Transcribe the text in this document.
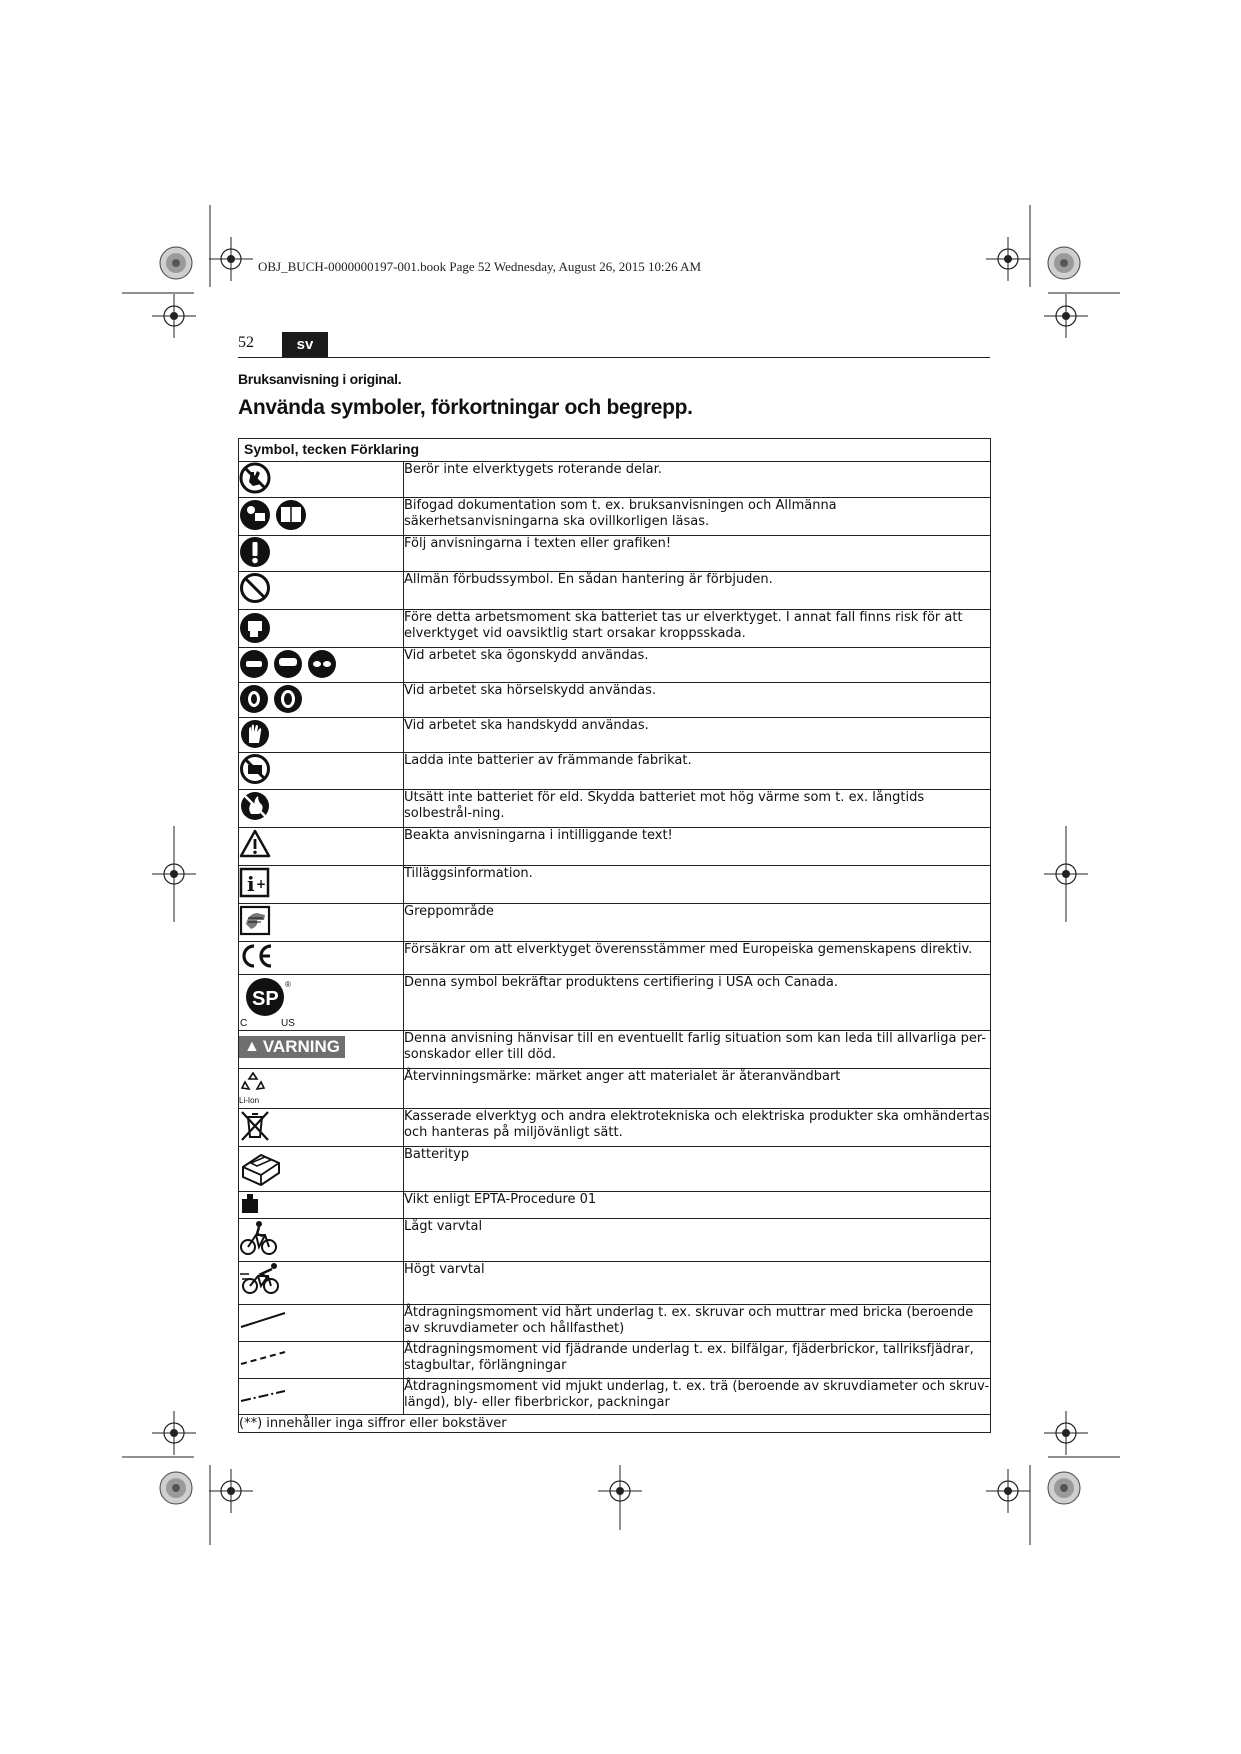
OBJ_BUCH-0000000197-001.book Page 52 Wednesday, August 26, 2015 10:26 AM
52	sv
Bruksanvisning i original.
Använda symboler, förkortningar och begrepp.
Symbol, tecken Förklaring	

	Berör inte elverktygets roterande delar.

	Bifogad dokumentation som t. ex. bruksanvisningen och Allmänna säkerhetsanvisningarna ska ovillkorligen läsas.

	Följ anvisningarna i texten eller grafiken!

	Allmän förbudssymbol. En sådan hantering är förbjuden.

	Före detta arbetsmoment ska batteriet tas ur elverktyget. I annat fall finns risk för att elverktyget vid oavsiktlig start orsakar kroppsskada.

	Vid arbetet ska ögonskydd användas.

	Vid arbetet ska hörselskydd användas.

	Vid arbetet ska handskydd användas.

	Ladda inte batterier av främmande fabrikat.

	Utsätt inte batteriet för eld. Skydda batteriet mot hög värme som t. ex. långtids solbestrål-ning.

	Beakta anvisningarna i intilliggande text!

i +	Tilläggsinformation.

	Greppområde

	Försäkrar om att elverktyget överensstämmer med Europeiska gemenskapens direktiv.

SP
®
C US	Denna symbol bekräftar produktens certifiering i USA och Canada.

▲ VARNING	Denna anvisning hänvisar till en eventuellt farlig situation som kan leda till allvarliga per-sonskador eller till död.

Li-Ion	Återvinningsmärke: märket anger att materialet är återanvändbart

	Kasserade elverktyg och andra elektrotekniska och elektriska produkter ska omhändertas och hanteras på miljövänligt sätt.

	Batterityp

	Vikt enligt EPTA-Procedure 01

	Lågt varvtal

	Högt varvtal

	Åtdragningsmoment vid hårt underlag t. ex. skruvar och muttrar med bricka (beroende av skruvdiameter och hållfasthet)

	Åtdragningsmoment vid fjädrande underlag t. ex. bilfälgar, fjäderbrickor, tallriksfjädrar, stagbultar, förlängningar

	Åtdragningsmoment vid mjukt underlag, t. ex. trä (beroende av skruvdiameter och skruv-längd), bly- eller fiberbrickor, packningar
(**) innehåller inga siffror eller bokstäver	
